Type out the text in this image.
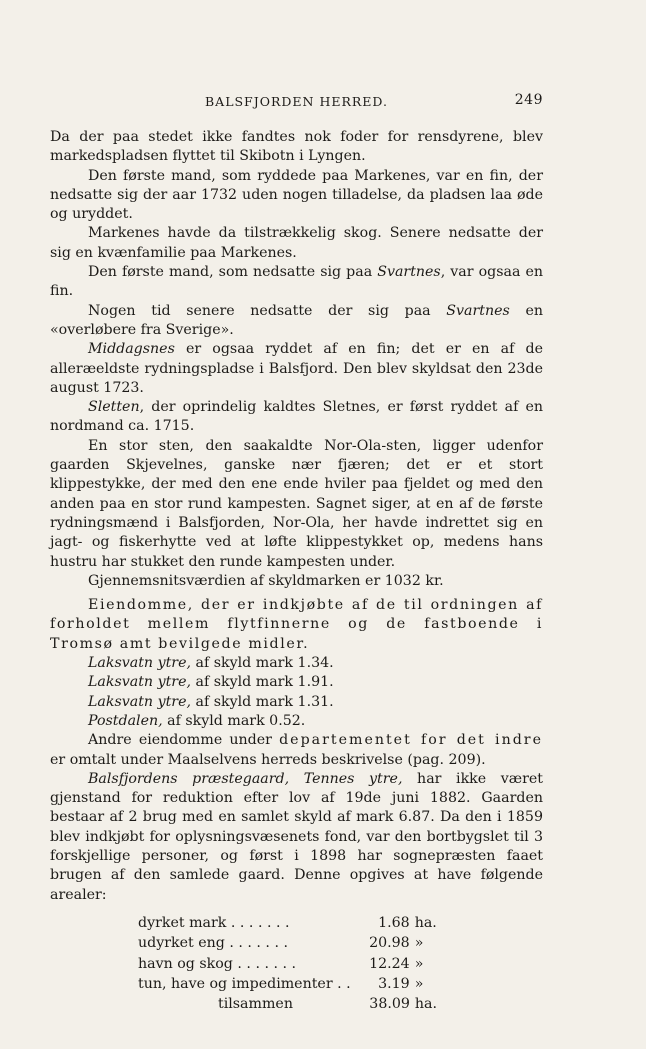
BALSFJORDEN HERRED.	249

Da der paa stedet ikke fandtes nok foder for rensdyrene, blev markedspladsen flyttet til Skibotn i Lyngen.

Den første mand, som ryddede paa Markenes, var en fin, der nedsatte sig der aar 1732 uden nogen tilladelse, da pladsen laa øde og uryddet.

Markenes havde da tilstrækkelig skog. Senere nedsatte der sig en kvænfamilie paa Markenes.

Den første mand, som nedsatte sig paa Svartnes, var ogsaa en fin.

Nogen tid senere nedsatte der sig paa Svartnes en «overløbere fra Sverige».

Middagsnes er ogsaa ryddet af en fin; det er en af de alleræeldste rydningspladse i Balsfjord. Den blev skyldsat den 23de august 1723.

Sletten, der oprindelig kaldtes Sletnes, er først ryddet af en nordmand ca. 1715.

En stor sten, den saakaldte Nor-Ola-sten, ligger udenfor gaarden Skjevelnes, ganske nær fjæren; det er et stort klippestykke, der med den ene ende hviler paa fjeldet og med den anden paa en stor rund kampesten. Sagnet siger, at en af de første rydningsmænd i Balsfjorden, Nor-Ola, her havde indrettet sig en jagt- og fiskerhytte ved at løfte klippestykket op, medens hans hustru har stukket den runde kampesten under.

Gjennemsnitsværdien af skyldmarken er 1032 kr.

Eiendomme, der er indkjøbte af de til ordningen af forholdet mellem flytfinnerne og de fastboende i Tromsø amt bevilgede midler.

Laksvatn ytre, af skyld mark 1.34.

Laksvatn ytre, af skyld mark 1.91.

Laksvatn ytre, af skyld mark 1.31.

Postdalen, af skyld mark 0.52.

Andre eiendomme under departementet for det indre er omtalt under Maalselvens herreds beskrivelse (pag. 209).

Balsfjordens præstegaard, Tennes ytre, har ikke været gjenstand for reduktion efter lov af 19de juni 1882. Gaarden bestaar af 2 brug med en samlet skyld af mark 6.87. Da den i 1859 blev indkjøbt for oplysningsvæsenets fond, var den bortbygslet til 3 forskjellige personer, og først i 1898 har sognepræsten faaet brugen af den samlede gaard. Denne opgives at have følgende arealer:

dyrket mark . . . . . . .	1.68 ha.
udyrket eng . . . . . . .	20.98 »
havn og skog . . . . . . .	12.24 »
tun, have og impedimenter . .	3.19 »
tilsammen	38.09 ha.
